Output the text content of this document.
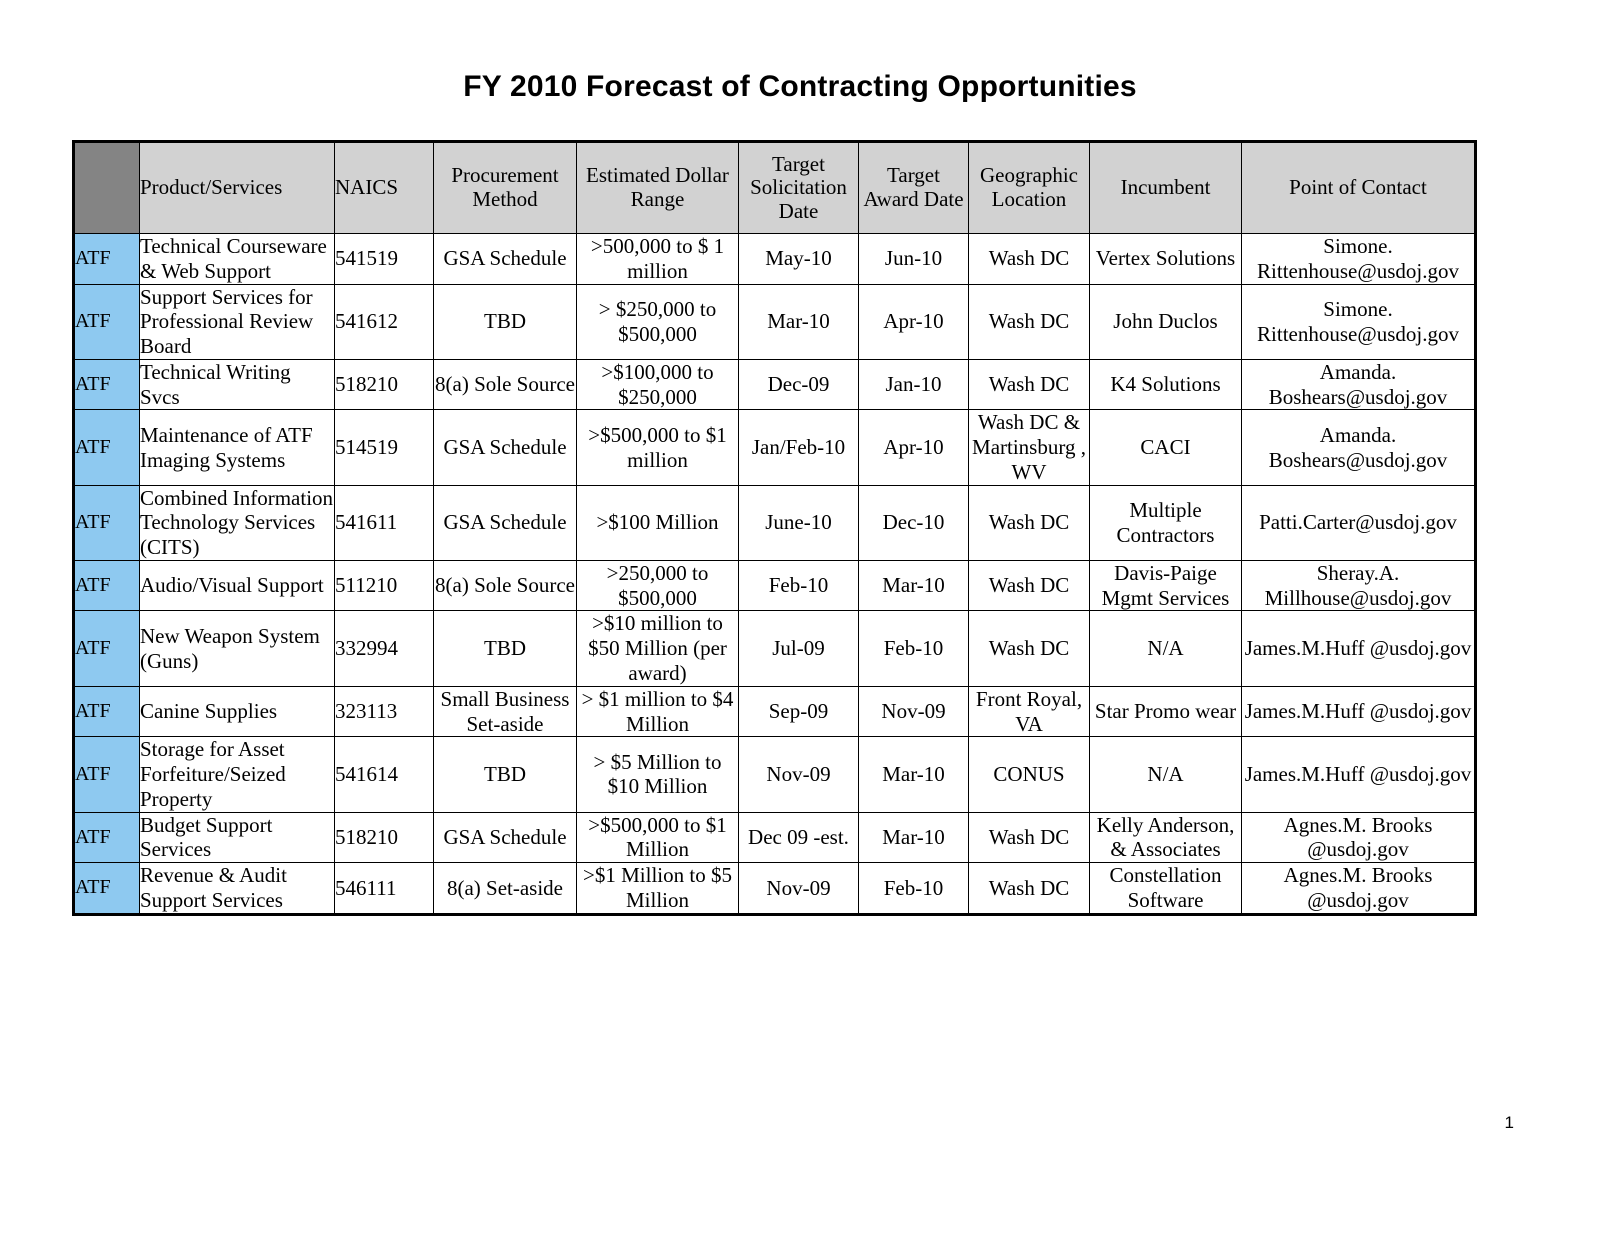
FY 2010 Forecast of Contracting Opportunities
	Product/Services	NAICS	Procurement Method	Estimated Dollar Range	Target Solicitation Date	Target Award Date	Geographic Location	Incumbent	Point of Contact
ATF	Technical Courseware & Web Support	541519	GSA Schedule	>500,000 to $ 1 million	May-10	Jun-10	Wash DC	Vertex Solutions	Simone. Rittenhouse@usdoj.gov
ATF	Support Services for Professional Review Board	541612	TBD	> $250,000 to $500,000	Mar-10	Apr-10	Wash DC	John Duclos	Simone. Rittenhouse@usdoj.gov
ATF	Technical Writing Svcs	518210	8(a) Sole Source	>$100,000 to $250,000	Dec-09	Jan-10	Wash DC	K4 Solutions	Amanda. Boshears@usdoj.gov
ATF	Maintenance of ATF Imaging Systems	514519	GSA Schedule	>$500,000 to $1 million	Jan/Feb-10	Apr-10	Wash DC & Martinsburg , WV	CACI	Amanda. Boshears@usdoj.gov
ATF	Combined Information Technology Services (CITS)	541611	GSA Schedule	>$100 Million	June-10	Dec-10	Wash DC	Multiple Contractors	Patti.Carter@usdoj.gov
ATF	Audio/Visual Support	511210	8(a) Sole Source	>250,000 to $500,000	Feb-10	Mar-10	Wash DC	Davis-Paige Mgmt Services	Sheray.A. Millhouse@usdoj.gov
ATF	New Weapon System (Guns)	332994	TBD	>$10 million to $50 Million (per award)	Jul-09	Feb-10	Wash DC	N/A	James.M.Huff @usdoj.gov
ATF	Canine Supplies	323113	Small Business Set-aside	> $1 million to $4 Million	Sep-09	Nov-09	Front Royal, VA	Star Promo wear	James.M.Huff @usdoj.gov
ATF	Storage for Asset Forfeiture/Seized Property	541614	TBD	> $5 Million to $10 Million	Nov-09	Mar-10	CONUS	N/A	James.M.Huff @usdoj.gov
ATF	Budget Support Services	518210	GSA Schedule	>$500,000 to $1 Million	Dec 09 -est.	Mar-10	Wash DC	Kelly Anderson, & Associates	Agnes.M. Brooks @usdoj.gov
ATF	Revenue & Audit Support Services	546111	8(a) Set-aside	>$1 Million to $5 Million	Nov-09	Feb-10	Wash DC	Constellation Software	Agnes.M. Brooks @usdoj.gov
1
